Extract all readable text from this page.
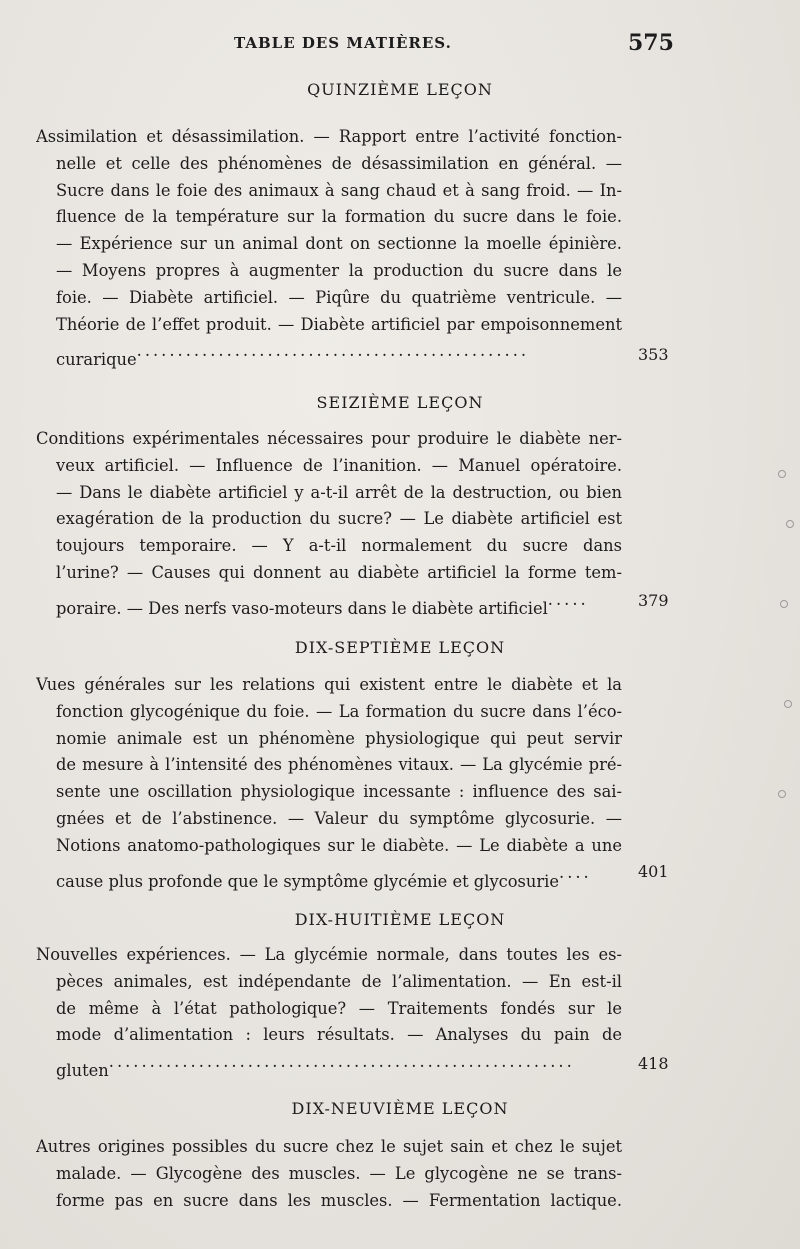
TABLE DES MATIÈRES.	575
QUINZIÈME LEÇON
Assimilation et désassimilation. — Rapport entre l’activité fonction-
nelle et celle des phénomènes de désassimilation en général. —
Sucre dans le foie des animaux à sang chaud et à sang froid. — In-
fluence de la température sur la formation du sucre dans le foie.
— Expérience sur un animal dont on sectionne la moelle épinière.
— Moyens propres à augmenter la production du sucre dans le
foie. — Diabète artificiel. — Piqûre du quatrième ventricule. —
Théorie de l’effet produit. — Diabète artificiel par empoisonnement
curarique................................................	353
SEIZIÈME LEÇON
Conditions expérimentales nécessaires pour produire le diabète ner-
veux artificiel. — Influence de l’inanition. — Manuel opératoire.
— Dans le diabète artificiel y a-t-il arrêt de la destruction, ou bien
exagération de la production du sucre? — Le diabète artificiel est
toujours temporaire. — Y a-t-il normalement du sucre dans
l’urine? — Causes qui donnent au diabète artificiel la forme tem-
poraire. — Des nerfs vaso-moteurs dans le diabète artificiel.....	379
DIX-SEPTIÈME LEÇON
Vues générales sur les relations qui existent entre le diabète et la
fonction glycogénique du foie. — La formation du sucre dans l’éco-
nomie animale est un phénomène physiologique qui peut servir
de mesure à l’intensité des phénomènes vitaux. — La glycémie pré-
sente une oscillation physiologique incessante : influence des sai-
gnées et de l’abstinence. — Valeur du symptôme glycosurie. —
Notions anatomo-pathologiques sur le diabète. — Le diabète a une
cause plus profonde que le symptôme glycémie et glycosurie....	401
DIX-HUITIÈME LEÇON
Nouvelles expériences. — La glycémie normale, dans toutes les es-
pèces animales, est indépendante de l’alimentation. — En est-il
de même à l’état pathologique? — Traitements fondés sur le
mode d’alimentation : leurs résultats. — Analyses du pain de
gluten.........................................................	418
DIX-NEUVIÈME LEÇON
Autres origines possibles du sucre chez le sujet sain et chez le sujet
malade. — Glycogène des muscles. — Le glycogène ne se trans-
forme pas en sucre dans les muscles. — Fermentation lactique.
